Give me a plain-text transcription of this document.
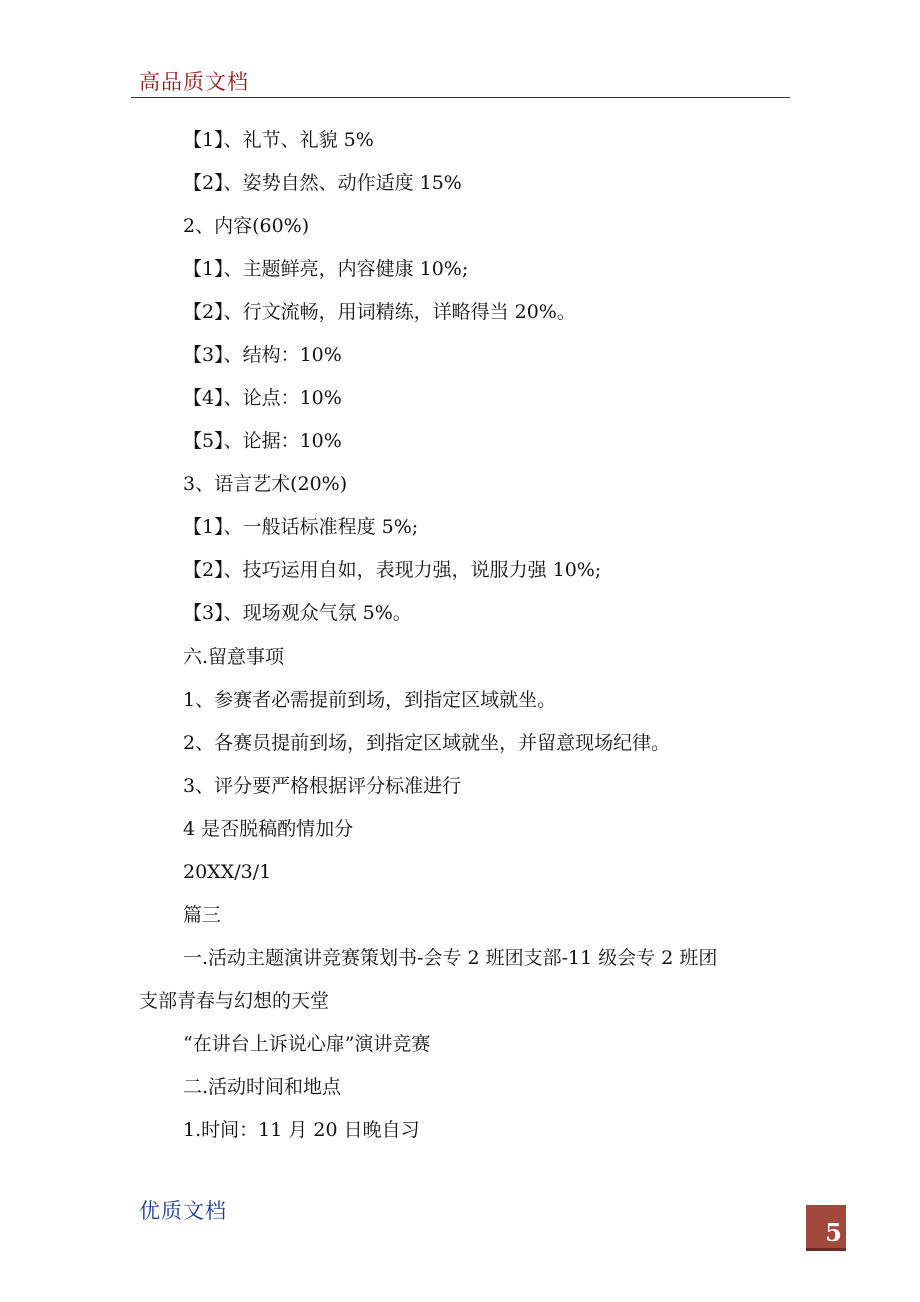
高品质文档
【1】、礼节、礼貌 5%
【2】、姿势自然、动作适度 15%
2、内容(60%)
【1】、主题鲜亮，内容健康 10%;
【2】、行文流畅，用词精练，详略得当 20%。
【3】、结构：10%
【4】、论点：10%
【5】、论据：10%
3、语言艺术(20%)
【1】、一般话标准程度 5%;
【2】、技巧运用自如，表现力强，说服力强 10%;
【3】、现场观众气氛 5%。
六.留意事项
1、参赛者必需提前到场，到指定区域就坐。
2、各赛员提前到场，到指定区域就坐，并留意现场纪律。
3、评分要严格根据评分标准进行
4 是否脱稿酌情加分
20XX/3/1
篇三
一.活动主题演讲竞赛策划书-会专 2 班团支部-11 级会专 2 班团
支部青春与幻想的天堂
“在讲台上诉说心扉”演讲竞赛
二.活动时间和地点
1.时间：11 月 20 日晚自习
优质文档
5
